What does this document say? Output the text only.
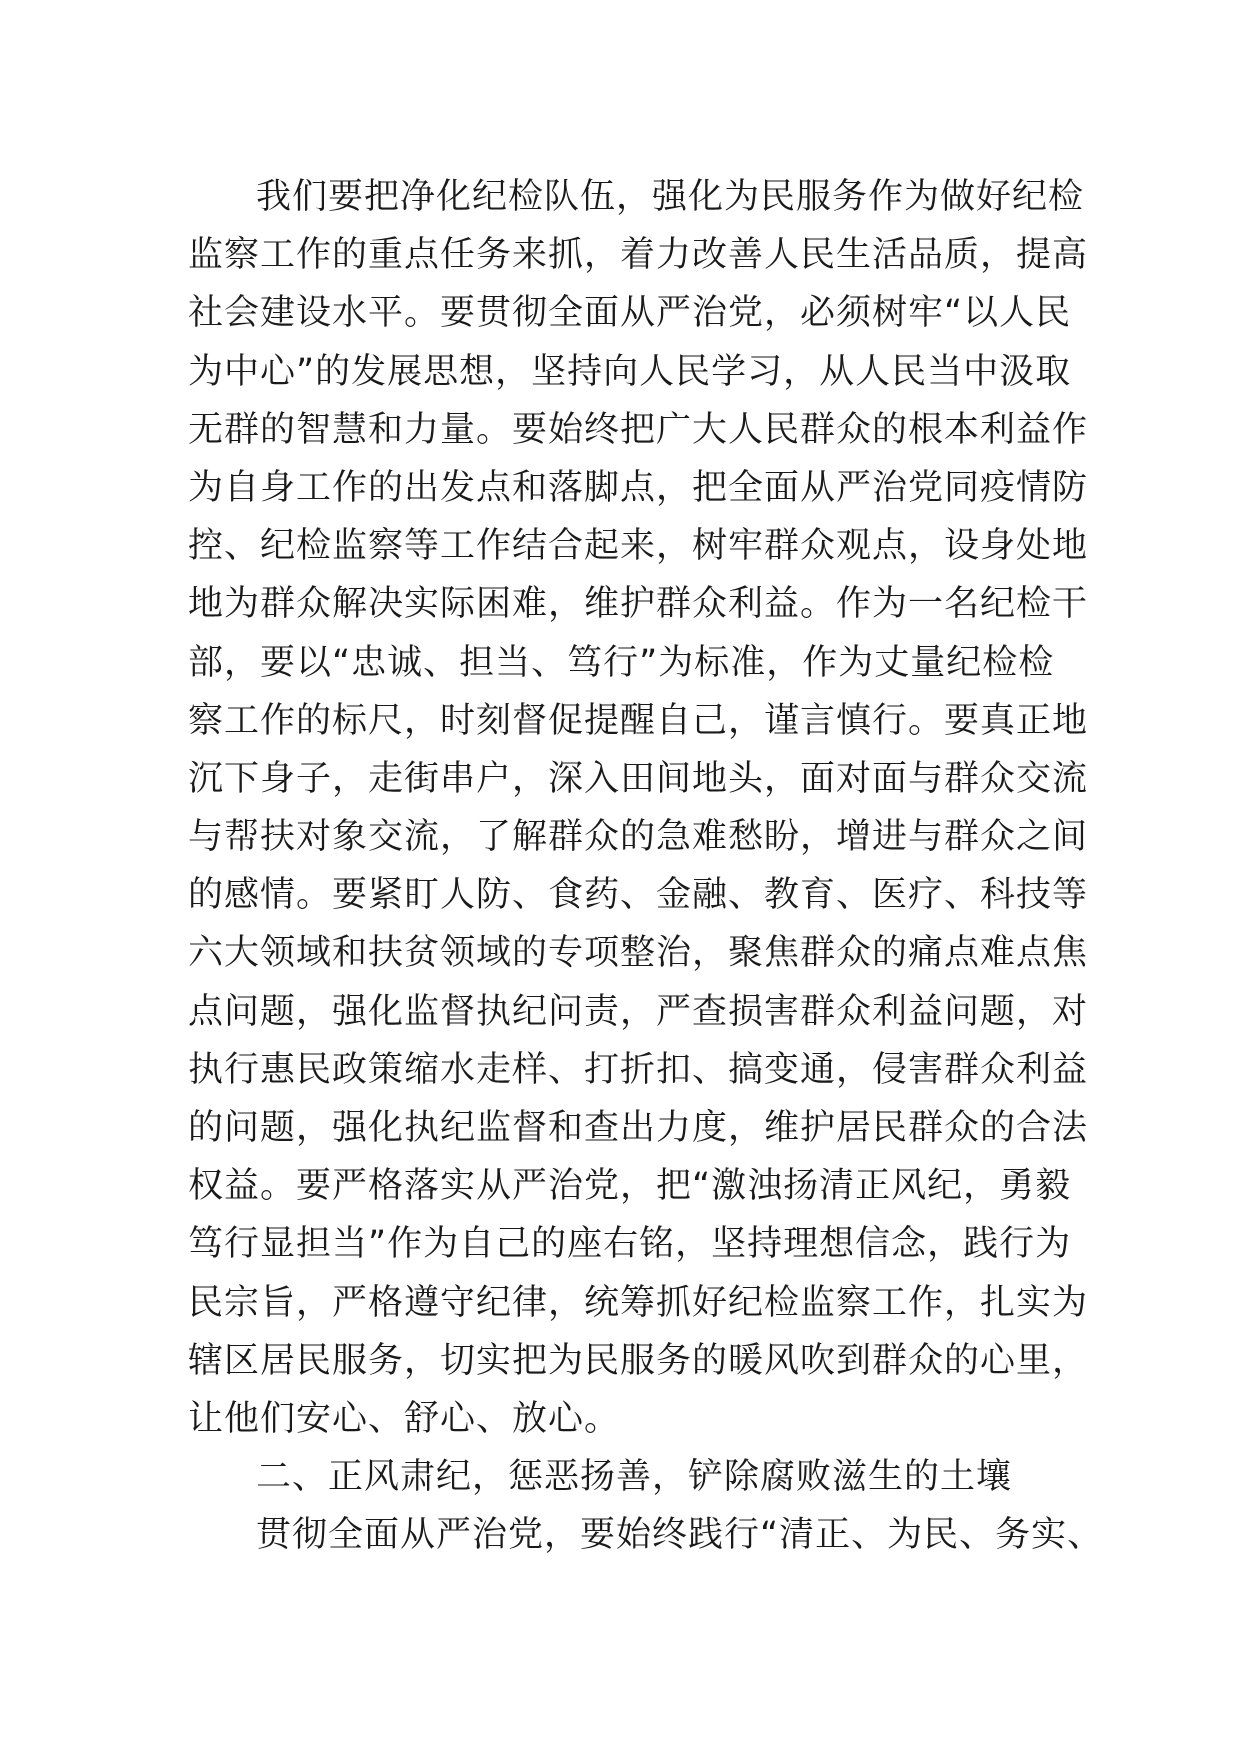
我们要把净化纪检队伍，强化为民服务作为做好纪检
监察工作的重点任务来抓，着力改善人民生活品质，提高
社会建设水平。要贯彻全面从严治党，必须树牢“以人民
为中心”的发展思想，坚持向人民学习，从人民当中汲取
无群的智慧和力量。要始终把广大人民群众的根本利益作
为自身工作的出发点和落脚点，把全面从严治党同疫情防
控、纪检监察等工作结合起来，树牢群众观点，设身处地
地为群众解决实际困难，维护群众利益。作为一名纪检干
部，要以“忠诚、担当、笃行”为标准，作为丈量纪检检
察工作的标尺，时刻督促提醒自己，谨言慎行。要真正地
沉下身子，走街串户，深入田间地头，面对面与群众交流
与帮扶对象交流，了解群众的急难愁盼，增进与群众之间
的感情。要紧盯人防、食药、金融、教育、医疗、科技等
六大领域和扶贫领域的专项整治，聚焦群众的痛点难点焦
点问题，强化监督执纪问责，严查损害群众利益问题，对
执行惠民政策缩水走样、打折扣、搞变通，侵害群众利益
的问题，强化执纪监督和查出力度，维护居民群众的合法
权益。要严格落实从严治党，把“激浊扬清正风纪，勇毅
笃行显担当”作为自己的座右铭，坚持理想信念，践行为
民宗旨，严格遵守纪律，统筹抓好纪检监察工作，扎实为
辖区居民服务，切实把为民服务的暖风吹到群众的心里，
让他们安心、舒心、放心。
二、正风肃纪，惩恶扬善，铲除腐败滋生的土壤
贯彻全面从严治党，要始终践行“清正、为民、务实、
